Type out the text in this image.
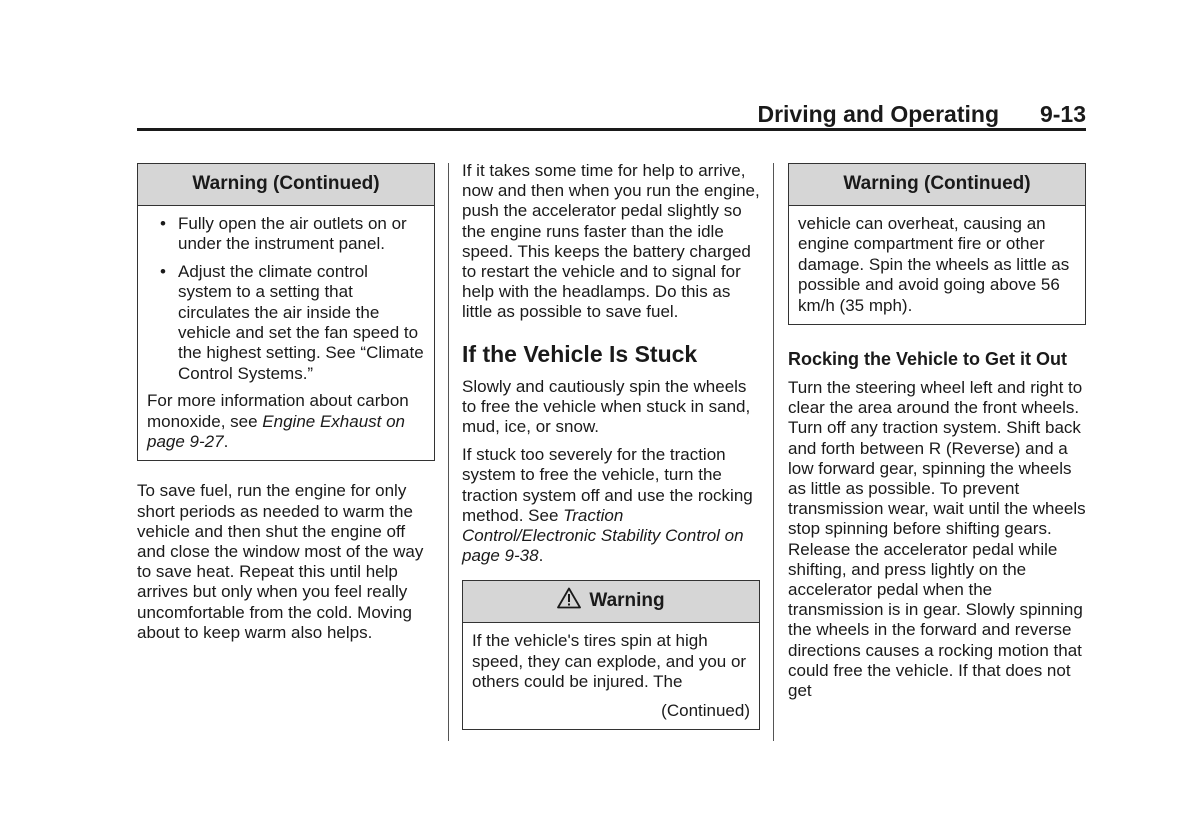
Driving and Operating 9-13
Warning (Continued)
• Fully open the air outlets on or under the instrument panel.
• Adjust the climate control system to a setting that circulates the air inside the vehicle and set the fan speed to the highest setting. See “Climate Control Systems.”

For more information about carbon monoxide, see Engine Exhaust on page 9-27.

To save fuel, run the engine for only short periods as needed to warm the vehicle and then shut the engine off and close the window most of the way to save heat. Repeat this until help arrives but only when you feel really uncomfortable from the cold. Moving about to keep warm also helps.

If it takes some time for help to arrive, now and then when you run the engine, push the accelerator pedal slightly so the engine runs faster than the idle speed. This keeps the battery charged to restart the vehicle and to signal for help with the headlamps. Do this as little as possible to save fuel.

If the Vehicle Is Stuck

Slowly and cautiously spin the wheels to free the vehicle when stuck in sand, mud, ice, or snow.

If stuck too severely for the traction system to free the vehicle, turn the traction system off and use the rocking method. See Traction Control/Electronic Stability Control on page 9-38.

Warning

If the vehicle's tires spin at high speed, they can explode, and you or others could be injured. The

(Continued)
Warning (Continued)

vehicle can overheat, causing an engine compartment fire or other damage. Spin the wheels as little as possible and avoid going above 56 km/h (35 mph).

Rocking the Vehicle to Get it Out

Turn the steering wheel left and right to clear the area around the front wheels. Turn off any traction system. Shift back and forth between R (Reverse) and a low forward gear, spinning the wheels as little as possible. To prevent transmission wear, wait until the wheels stop spinning before shifting gears. Release the accelerator pedal while shifting, and press lightly on the accelerator pedal when the transmission is in gear. Slowly spinning the wheels in the forward and reverse directions causes a rocking motion that could free the vehicle. If that does not get
